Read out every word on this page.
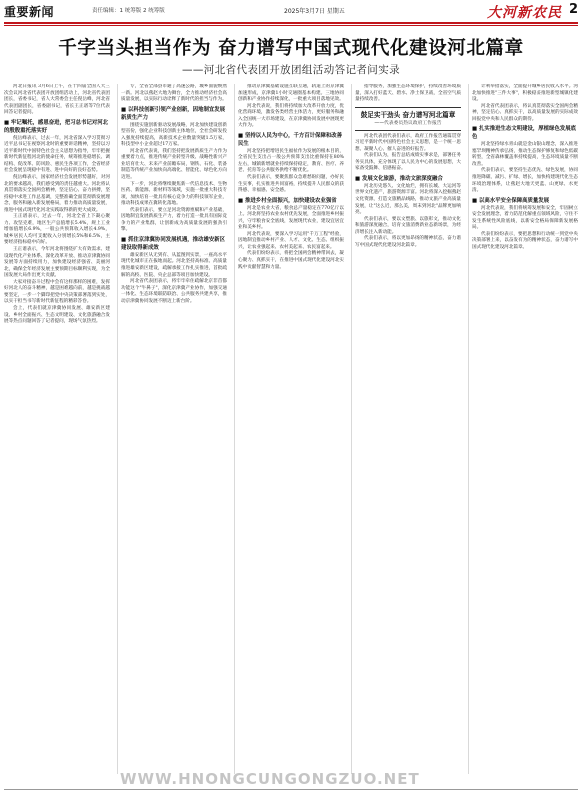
重要新闻	责任编辑：1 统筹版 2 统筹版	2025年3月7日 星期五	大河新农民 2
千字当头担当作为 奋力谱写中国式现代化建设河北篇章
——河北省代表团开放团组活动答记者问实录

河北日报讯 3月6日上午，在十四届全国人大三次会议河北省代表团开放团组活动上，河北省代表团团长，省委书记，省人大常委会主任倪岳峰，河北省代表团副团长，省委副书记，省长王正谱等7位代表回答记者提问。

■ 牢记嘱托，感恩奋进，把习总书记对河北的殷殷重托落实好

倪岳峰表示，过去一年，河北省深入学习贯彻习近平总书记在视察河北时的重要讲话精神，坚持以习近平新时代中国特色社会主义思想为指导，牢牢把握新时代新征程河北的使命任务，统筹推进稳增长、调结构、促改革、防风险、惠民生各项工作，全省经济社会发展呈现稳中有进、进中向好的良好态势。

倪岳峰表示，国家经济社会发展形势越好，对河北的要求越高，我们感受到的责任越重大。河北将认真贯彻落实全国两会精神，坚定信心、奋力拼搏，坚持稳中求进工作总基调，完整准确全面贯彻新发展理念，服务和融入新发展格局，着力推动高质量发展，推进中国式现代化河北实践取得新的更大成效。

王正谱表示，过去一年，河北全省上下凝心聚力、攻坚克难，地区生产总值增长5.4%，规上工业增加值增长6.9%，一般公共预算收入增长4.9%，城乡居民人均可支配收入分别增长5%和6.5%，主要经济指标稳中向好。

王正谱表示，今年河北将围绕扩大有效需求、建设现代化产业体系、深化改革开放、推动京津冀协同发展等方面持续用力，加快建设经济强省、美丽河北，确保全年经济发展主要预期目标顺利实现，为全国发展大局作出更大贡献。

大家对接奋斗过程中会有这样那样的困难，发挥好河北人的奋斗精神，越是困难越向前，越是挑战越要坚定，一步一个脚印把党中央决策部署落到实处，以实干担当书写新时代新征程的精彩答卷。

会上，代表们就京津冀协同发展、雄安新区建设、乡村全面振兴、生态文明建设、文化旅游融合发展等热点问题回答了记者提问，现场气氛热烈。

专，全省全部县市通了高速公路，城乡面貌焕然一新。河北以燕赵大地为舞台，全力推动经济社会高质量发展，以实际行动诠释了新时代的担当与作为。

■ 以科技创新引领产业创新，因地制宜发展新质生产力

围绕实施创新驱动发展战略，河北加快建设创新型省份，强化企业科技创新主体地位，全社会研发投入强度持续提高，高新技术企业数量突破1.5万家，科技型中小企业超过17万家。

河北省代表说，我们坚持把发展新质生产力作为重要着力点，推进传统产业转型升级、战略性新兴产业培育壮大、未来产业前瞻布局，钢铁、石化、装备制造等传统产业加快向高端化、智能化、绿色化方向迈进。

下一步，河北将继续聚焦新一代信息技术、生物医药、新能源、新材料等领域，实施一批重大科技专项，加快培育一批具有核心竞争力的科技领军企业，推动科技成果在冀转化落地。

代表们表示，要立足河北资源禀赋和产业基础，因地制宜发展新质生产力，着力打造一批具有国际竞争力的产业集群，让创新成为高质量发展的强劲引擎。

■ 抓住京津冀协同发展机遇，推动雄安新区建设取得新成效

雄安新区从无到有、从蓝图到实景，一座高水平现代化城市正在拔地而起。河北坚持高标准、高质量推进雄安新区建设，疏解承接工作扎实推进，首批疏解的高校、医院、央企总部等项目加快建设。

河北省代表团表示，将牢牢牵住疏解北京非首都功能这个"牛鼻子"，深化京津冀产业协作，加强交通一体化、生态环境联防联治、公共服务共建共享，推动京津冀协同发展不断迈上新台阶。

推动京津冀基础设施互联互通，轨道上的京津冀加速形成，京津冀1小时交通圈基本构建。三地协同创新和产业协作持续深化，一批重大项目落地见效。

河北代表说，我们将持续加大改革开放力度，优化营商环境，激发各类经营主体活力，更好服务和融入全国统一大市场建设，在京津冀协同发展中展现更大作为。

■ 坚持以人民为中心，千方百计保障和改善民生

河北坚持把增进民生福祉作为发展的根本目的，全省民生支出占一般公共预算支出比重保持在80%左右，城镇新增就业持续保持稳定，教育、医疗、养老、托育等公共服务供给不断优化。

代表们表示，要聚焦群众急难愁盼问题，办好民生实事，扎实推进共同富裕，持续提升人民群众的获得感、幸福感、安全感。

■ 推进乡村全面振兴，加快建设农业强省

河北是农业大省，粮食总产量稳定在770亿斤以上。河北将坚持农业农村优先发展，全面推进乡村振兴，守牢粮食安全底线，发展现代农业，建设宜居宜业和美乡村。

河北代表说，要深入学习运用"千万工程"经验，因地制宜推动乡村产业、人才、文化、生态、组织振兴，让农业强起来、农村美起来、农民富起来。

代表们纷纷表示，将把全国两会精神带回去，凝心聚力、真抓实干，在推进中国式现代化建设河北实践中贡献智慧和力量。

指导服务，加强生态环境保护，持续改善环境质量，深入打好蓝天、碧水、净土保卫战，全省空气质量持续改善。

鼓足实干劲头 奋力谱写河北篇章
——代表委员热议政府工作报告

河北代表团代表们表示，政府工作报告通篇贯穿习近平新时代中国特色社会主义思想，是一个统一思想、凝聚人心、催人奋进的好报告。

代表们认为，报告总结成绩实事求是，部署任务务实具体，充分体现了以人民为中心的发展思想，大家备受鼓舞、倍感振奋。

■ 发展文化旅游，推动文旅深度融合

河北历史悠久、文化灿烂，拥有长城、大运河等世界文化遗产，旅游资源丰富。河北将深入挖掘燕赵文化资源，打造文旅精品线路，推动文旅产业高质量发展，让"这么近，那么美，周末到河北"品牌更加响亮。

代表们表示，要以文塑旅、以旅彰文，推动文化和旅游深度融合，培育文旅消费新业态新场景，为经济增长注入新动能。

代表们表示，将以更加昂扬的精神状态，奋力谱写中国式现代化建设河北篇章。

计利举措落实，全面提升城乡居民收入水平。河北加快推进"三件大事"，积极稳妥推进新型城镇化建设。

河北省代表团表示，将认真贯彻落实全国两会精神，坚定信心、真抓实干，以高质量发展的实际成效回报党中央和人民群众的期待。

■ 扎实推进生态文明建设，厚植绿色发展底色

河北坚持绿水青山就是金山银山理念，深入推进塞罕坝精神传承弘扬，推动生态保护修复和绿色低碳转型，全省森林覆盖率持续提高，生态环境质量不断改善。

代表们表示，要坚持生态优先、绿色发展，协同推进降碳、减污、扩绿、增长，加快构建现代化生态环境治理体系，让燕赵大地天更蓝、山更绿、水更清。

■ 以高水平安全保障高质量发展

河北代表说，我们将统筹发展和安全，牢固树立安全发展理念，着力防范化解重点领域风险，守住不发生系统性风险底线，以新安全格局保障新发展格局。

代表们纷纷表示，要把思想和行动统一到党中央决策部署上来，以奋发有为的精神状态，奋力谱写中国式现代化建设河北篇章。

WWW.HNONGCUNGONGZUO.NET
